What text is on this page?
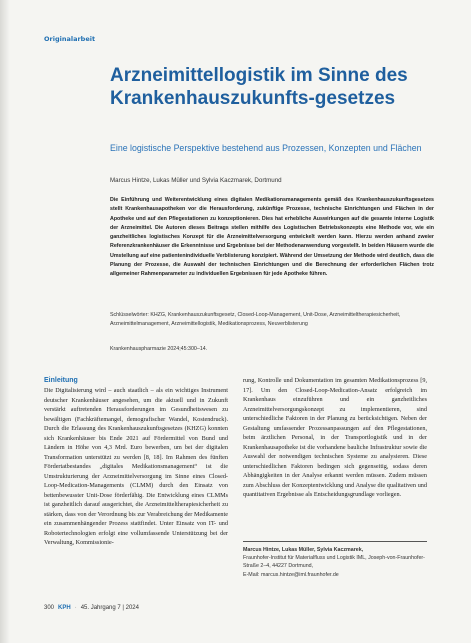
Originalarbeit
Arzneimittellogistik im Sinne des Krankenhauszukunfts-gesetzes
Eine logistische Perspektive bestehend aus Prozessen, Konzepten und Flächen
Marcus Hintze, Lukas Müller und Sylvia Kaczmarek, Dortmund
Die Einführung und Weiterentwicklung eines digitalen Medikationsmanagements gemäß des Krankenhauszukunftsgesetzes stellt Krankenhausapotheken vor die Herausforderung, zukünftige Prozesse, technische Einrichtungen und Flächen in der Apotheke und auf den Pflegestationen zu konzeptionieren. Dies hat erhebliche Auswirkungen auf die gesamte interne Logistik der Arzneimittel. Die Autoren dieses Beitrags stellen mithilfe des Logistischen Betriebskonzepts eine Methode vor, wie ein ganzheitliches logistisches Konzept für die Arzneimittelversorgung entwickelt werden kann. Hierzu werden anhand zweier Referenzkrankenhäuser die Erkenntnisse und Ergebnisse bei der Methodenanwendung vorgestellt. In beiden Häusern wurde die Umstellung auf eine patientenindividuelle Verblisterung konzipiert. Während der Umsetzung der Methode wird deutlich, dass die Planung der Prozesse, die Auswahl der technischen Einrichtungen und die Berechnung der erforderlichen Flächen trotz allgemeiner Rahmenparameter zu individuellen Ergebnissen für jede Apotheke führen.
Schlüsselwörter: KHZG, Krankenhauszukunftsgesetz, Closed-Loop-Management, Unit-Dose, Arzneimitteltherapiesicherheit, Arzneimittelmanagement, Arzneimittellogistik, Medikationsprozess, Neuverblisterung
Krankenhauspharmazie 2024;45:300–14.
Einleitung
Die Digitalisierung wird – auch staatlich – als ein wichtiges Instrument deutscher Krankenhäuser angesehen, um die aktuell und in Zukunft verstärkt auftretenden Herausforderungen im Gesundheitswesen zu bewältigen (Fachkräftemangel, demografischer Wandel, Kostendruck). Durch die Erlassung des Krankenhauszukunftsgesetzes (KHZG) konnten sich Krankenhäuser bis Ende 2021 auf Fördermittel von Bund und Ländern in Höhe von 4,3 Mrd. Euro bewerben, um bei der digitalen Transformation unterstützt zu werden [8, 18]. Im Rahmen des fünften Fördertatbestandes „digitales Medikationsmanagement“ ist die Umstrukturierung der Arzneimittelversorgung im Sinne eines Closed-Loop-Medication-Managements (CLMM) durch den Einsatz von bettenbewusster Unit-Dose förderfähig. Die Entwicklung eines CLMMs ist ganzheitlich darauf ausgerichtet, die Arzneimitteltherapiesicherheit zu stärken, dass von der Verordnung bis zur Verabreichung der Medikamente ein zusammenhängender Prozess stattfindet. Unter Einsatz von IT- und Robotertechnologien erfolgt eine vollumfassende Unterstützung bei der Verwaltung, Kommissionie-
rung, Kontrolle und Dokumentation im gesamten Medikationsprozess [9, 17]. Um den Closed-Loop-Medication-Ansatz erfolgreich im Krankenhaus einzuführen und ein ganzheitliches Arzneimittelversorgungskonzept zu implementieren, sind unterschiedliche Faktoren in der Planung zu berücksichtigen. Neben der Gestaltung umfassender Prozessanpassungen auf den Pflegestationen, beim ärztlichen Personal, in der Transportlogistik und in der Krankenhausapotheke ist die vorhandene bauliche Infrastruktur sowie die Auswahl der notwendigen technischen Systeme zu analysieren. Diese unterschiedlichen Faktoren bedingen sich gegenseitig, sodass deren Abhängigkeiten in der Analyse erkannt werden müssen. Zudem müssen zum Abschluss der Konzeptentwicklung und Analyse die qualitativen und quantitativen Ergebnisse als Entscheidungsgrundlage vorliegen.
Marcus Hintze, Lukas Müller, Sylvia Kaczmarek,
Fraunhofer-Institut für Materialfluss und Logistik IML, Joseph-von-Fraunhofer-Straße 2–4, 44227 Dortmund,
E-Mail: marcus.hintze@iml.fraunhofer.de
300 KPH · 45. Jahrgang 7 | 2024
